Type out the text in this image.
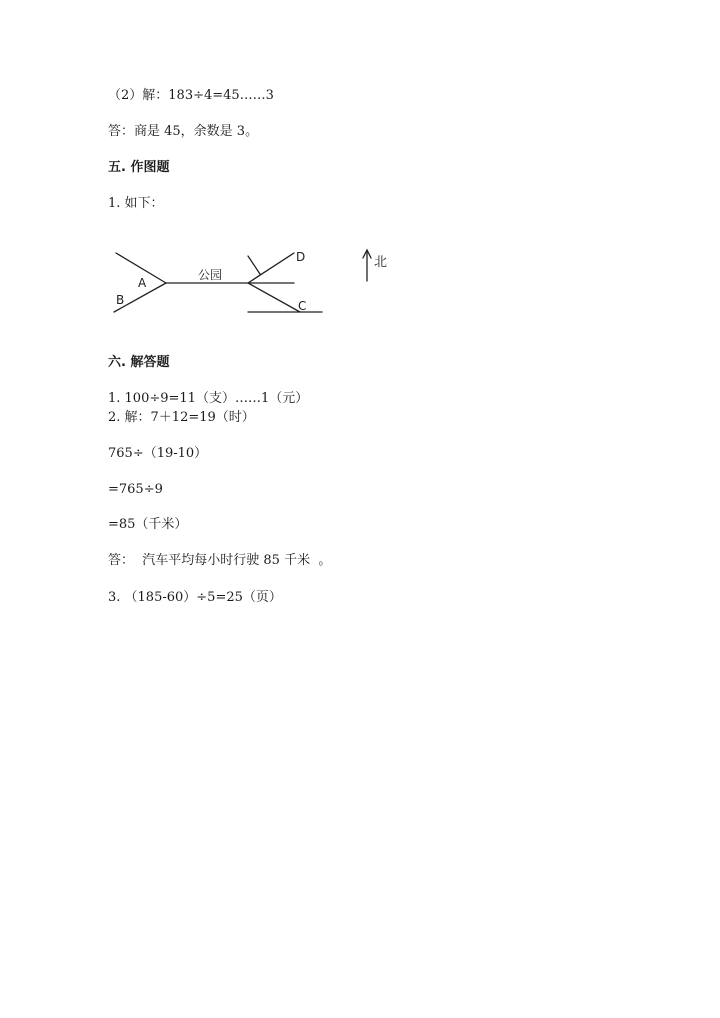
（2）解：183÷4=45……3
答：商是 45，余数是 3。
五. 作图题
1. 如下：
B
A
公园
D
C
北
六. 解答题
1. 100÷9=11（支）……1（元）
2. 解：7＋12=19（时）
765÷（19-10）
=765÷9
=85（千米）
答：  汽车平均每小时行驶 85 千米  。
3. （185-60）÷5=25（页）
